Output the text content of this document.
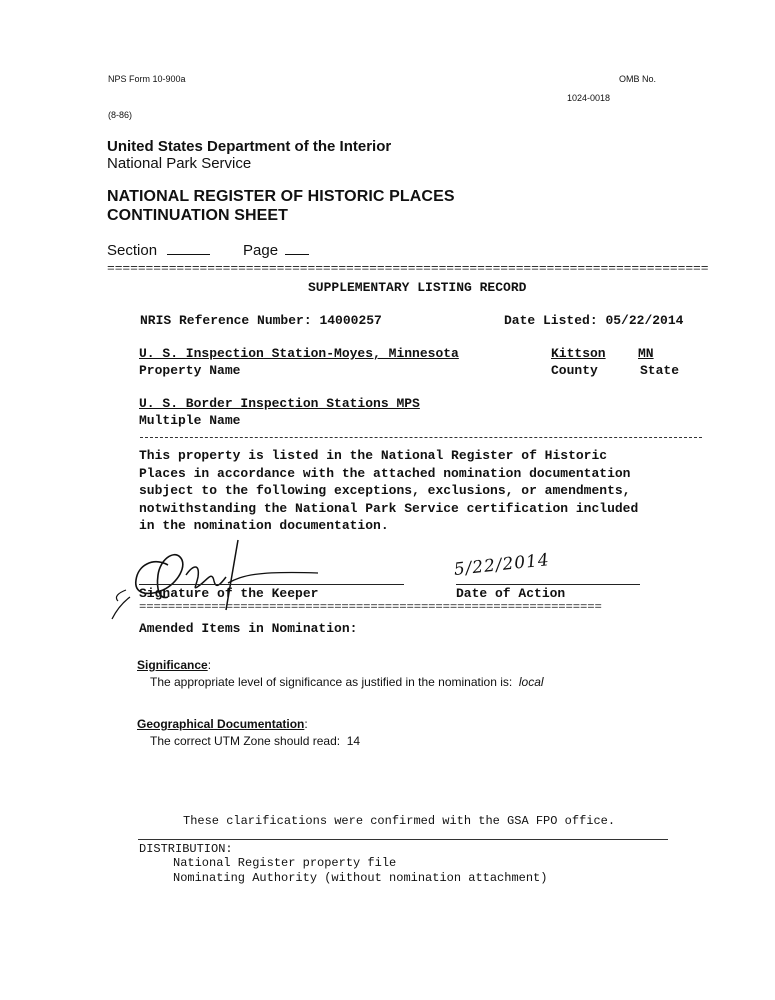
NPS Form 10-900a	OMB No.
1024-0018
(8-86)
United States Department of the Interior
National Park Service
NATIONAL REGISTER OF HISTORIC PLACES
CONTINUATION SHEET
Section	Page
==============================================================================
SUPPLEMENTARY LISTING RECORD
NRIS Reference Number: 14000257	Date Listed: 05/22/2014
U. S. Inspection Station-Moyes, Minnesota	Kittson MN
Property Name	County	State
U. S. Border Inspection Stations MPS
Multiple Name
This property is listed in the National Register of Historic
Places in accordance with the attached nomination documentation
subject to the following exceptions, exclusions, or amendments,
notwithstanding the National Park Service certification included
in the nomination documentation.
5/22/2014
Signature of the Keeper	Date of Action
================================================================
Amended Items in Nomination:
Significance:
The appropriate level of significance as justified in the nomination is: local
Geographical Documentation:
The correct UTM Zone should read: 14
These clarifications were confirmed with the GSA FPO office.
DISTRIBUTION:
National Register property file
Nominating Authority (without nomination attachment)
